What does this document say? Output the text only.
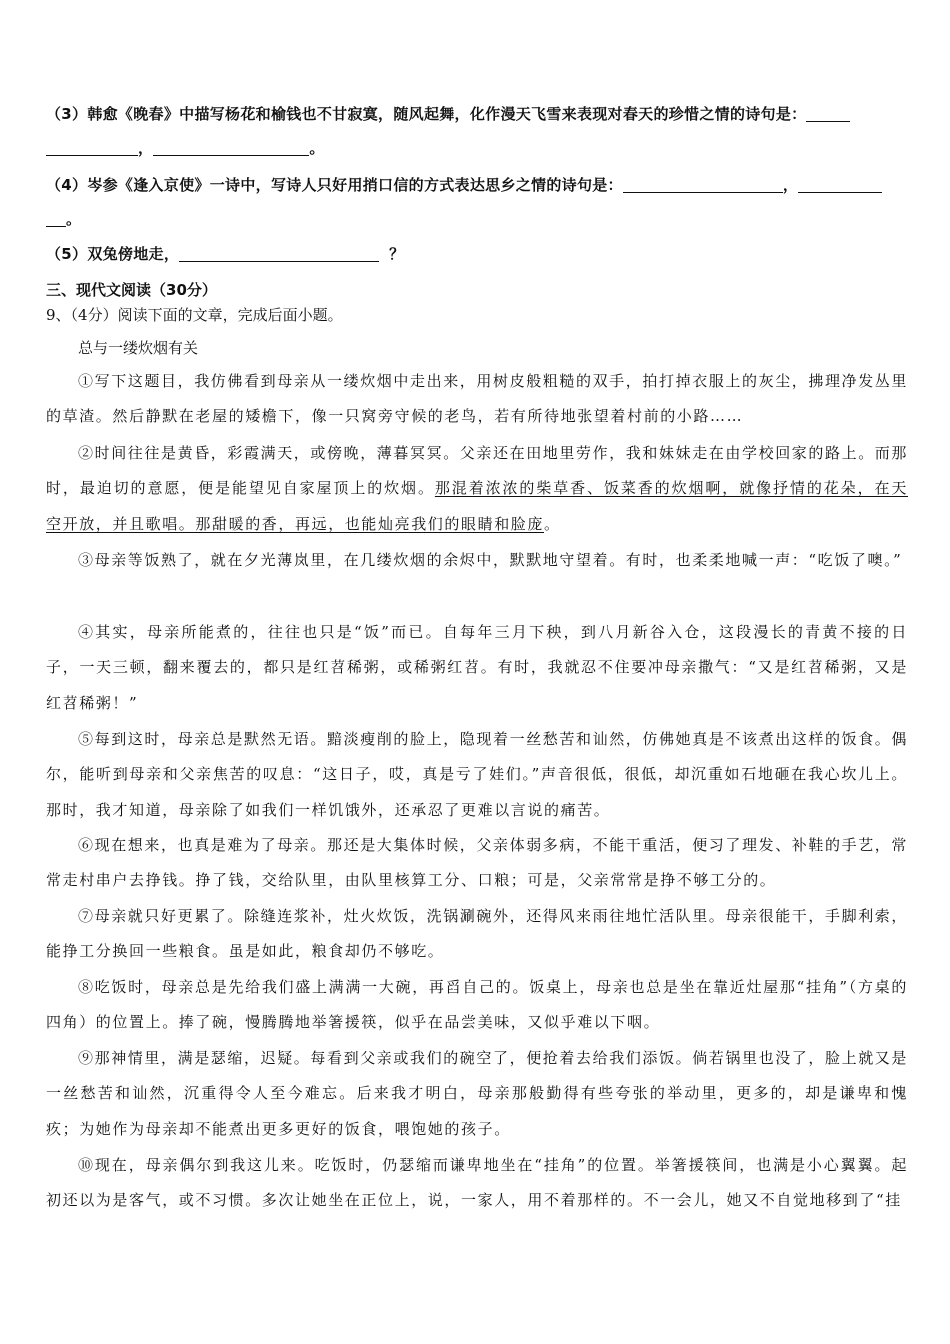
（3）韩愈《晚春》中描写杨花和榆钱也不甘寂寞，随风起舞，化作漫天飞雪来表现对春天的珍惜之情的诗句是：
，	。
（4）岑参《逢入京使》一诗中，写诗人只好用捎口信的方式表达思乡之情的诗句是：	，
。
（5）双兔傍地走，	？
三、现代文阅读（30分）
9、（4分）阅读下面的文章，完成后面小题。
总与一缕炊烟有关
①写下这题目，我仿佛看到母亲从一缕炊烟中走出来，用树皮般粗糙的双手，拍打掉衣服上的灰尘，拂理净发丛里的草渣。然后静默在老屋的矮檐下，像一只窝旁守候的老鸟，若有所待地张望着村前的小路……
②时间往往是黄昏，彩霞满天，或傍晚，薄暮冥冥。父亲还在田地里劳作，我和妹妹走在由学校回家的路上。而那时，最迫切的意愿，便是能望见自家屋顶上的炊烟。那混着浓浓的柴草香、饭菜香的炊烟啊，就像抒情的花朵，在天空开放，并且歌唱。那甜暖的香，再远，也能灿亮我们的眼睛和脸庞。
③母亲等饭熟了，就在夕光薄岚里，在几缕炊烟的余烬中，默默地守望着。有时，也柔柔地喊一声：“吃饭了噢。”
④其实，母亲所能煮的，往往也只是“饭”而已。自每年三月下秧，到八月新谷入仓，这段漫长的青黄不接的日子，一天三顿，翻来覆去的，都只是红苕稀粥，或稀粥红苕。有时，我就忍不住要冲母亲撒气：“又是红苕稀粥，又是红苕稀粥！”
⑤每到这时，母亲总是默然无语。黯淡瘦削的脸上，隐现着一丝愁苦和讪然，仿佛她真是不该煮出这样的饭食。偶尔，能听到母亲和父亲焦苦的叹息：“这日子，哎，真是亏了娃们。”声音很低，很低，却沉重如石地砸在我心坎儿上。那时，我才知道，母亲除了如我们一样饥饿外，还承忍了更难以言说的痛苦。
⑥现在想来，也真是难为了母亲。那还是大集体时候，父亲体弱多病，不能干重活，便习了理发、补鞋的手艺，常常走村串户去挣钱。挣了钱，交给队里，由队里核算工分、口粮；可是，父亲常常是挣不够工分的。
⑦母亲就只好更累了。除缝连浆补，灶火炊饭，洗锅涮碗外，还得风来雨往地忙活队里。母亲很能干，手脚利索，能挣工分换回一些粮食。虽是如此，粮食却仍不够吃。
⑧吃饭时，母亲总是先给我们盛上满满一大碗，再舀自己的。饭桌上，母亲也总是坐在靠近灶屋那“挂角”（方桌的四角）的位置上。捧了碗，慢腾腾地举箸援筷，似乎在品尝美味，又似乎难以下咽。
⑨那神情里，满是瑟缩，迟疑。每看到父亲或我们的碗空了，便抢着去给我们添饭。倘若锅里也没了，脸上就又是一丝愁苦和讪然，沉重得令人至今难忘。后来我才明白，母亲那般勤得有些夸张的举动里，更多的，却是谦卑和愧疚；为她作为母亲却不能煮出更多更好的饭食，喂饱她的孩子。
⑩现在，母亲偶尔到我这儿来。吃饭时，仍瑟缩而谦卑地坐在“挂角”的位置。举箸援筷间，也满是小心翼翼。起初还以为是客气，或不习惯。多次让她坐在正位上，说，一家人，用不着那样的。不一会儿，她又不自觉地移到了“挂
